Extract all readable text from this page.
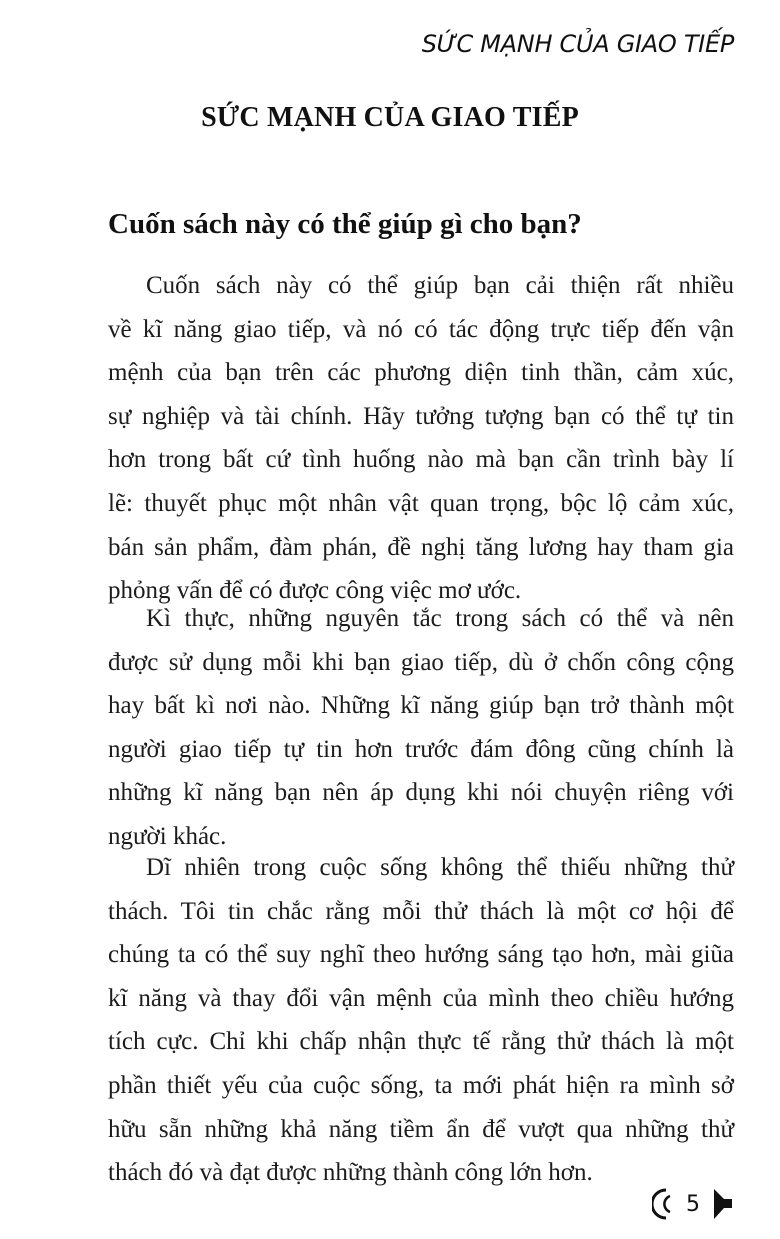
SỨC MẠNH CỦA GIAO TIẾP
SỨC MẠNH CỦA GIAO TIẾP
Cuốn sách này có thể giúp gì cho bạn?
Cuốn sách này có thể giúp bạn cải thiện rất nhiều
về kĩ năng giao tiếp, và nó có tác động trực tiếp đến vận
mệnh của bạn trên các phương diện tinh thần, cảm xúc,
sự nghiệp và tài chính. Hãy tưởng tượng bạn có thể tự tin
hơn trong bất cứ tình huống nào mà bạn cần trình bày lí
lẽ: thuyết phục một nhân vật quan trọng, bộc lộ cảm xúc,
bán sản phẩm, đàm phán, đề nghị tăng lương hay tham gia
phỏng vấn để có được công việc mơ ước.
Kì thực, những nguyên tắc trong sách có thể và nên
được sử dụng mỗi khi bạn giao tiếp, dù ở chốn công cộng
hay bất kì nơi nào. Những kĩ năng giúp bạn trở thành một
người giao tiếp tự tin hơn trước đám đông cũng chính là
những kĩ năng bạn nên áp dụng khi nói chuyện riêng với
người khác.
Dĩ nhiên trong cuộc sống không thể thiếu những thử
thách. Tôi tin chắc rằng mỗi thử thách là một cơ hội để
chúng ta có thể suy nghĩ theo hướng sáng tạo hơn, mài giũa
kĩ năng và thay đổi vận mệnh của mình theo chiều hướng
tích cực. Chỉ khi chấp nhận thực tế rằng thử thách là một
phần thiết yếu của cuộc sống, ta mới phát hiện ra mình sở
hữu sẵn những khả năng tiềm ẩn để vượt qua những thử
thách đó và đạt được những thành công lớn hơn.
5
